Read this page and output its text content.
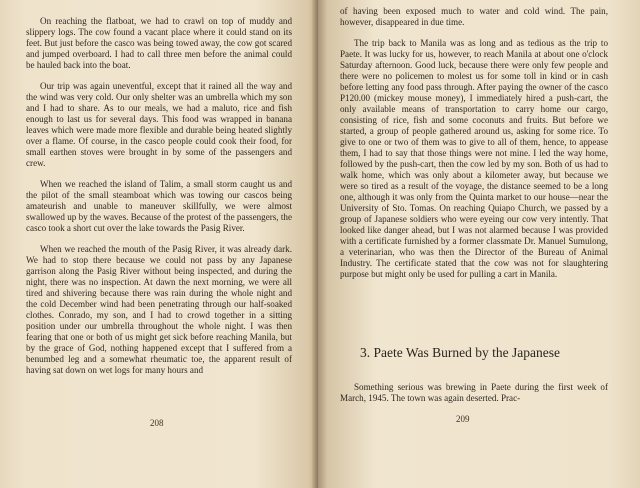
On reaching the flatboat, we had to crawl on top of muddy and slippery logs. The cow found a vacant place where it could stand on its feet. But just before the casco was being towed away, the cow got scared and jumped overboard. I had to call three men before the animal could be hauled back into the boat.

Our trip was again uneventful, except that it rained all the way and the wind was very cold. Our only shelter was an umbrella which my son and I had to share. As to our meals, we had a maluto, rice and fish enough to last us for several days. This food was wrapped in banana leaves which were made more flexible and durable being heated slightly over a flame. Of course, in the casco people could cook their food, for small earthen stoves were brought in by some of the passengers and crew.

When we reached the island of Talim, a small storm caught us and the pilot of the small steamboat which was towing our cascos being amateurish and unable to maneuver skillfully, we were almost swallowed up by the waves. Because of the protest of the passengers, the casco took a short cut over the lake towards the Pasig River.

When we reached the mouth of the Pasig River, it was already dark. We had to stop there because we could not pass by any Japanese garrison along the Pasig River without being inspected, and during the night, there was no inspection. At dawn the next morning, we were all tired and shivering because there was rain during the whole night and the cold December wind had been penetrating through our half-soaked clothes. Conrado, my son, and I had to crowd together in a sitting position under our umbrella throughout the whole night. I was then fearing that one or both of us might get sick before reaching Manila, but by the grace of God, nothing happened except that I suffered from a benumbed leg and a somewhat rheumatic toe, the apparent result of having sat down on wet logs for many hours and

208

of having been exposed much to water and cold wind. The pain, however, disappeared in due time.

The trip back to Manila was as long and as tedious as the trip to Paete. It was lucky for us, however, to reach Manila at about one o'clock Saturday afternoon. Good luck, because there were only few people and there were no policemen to molest us for some toll in kind or in cash before letting any food pass through. After paying the owner of the casco P120.00 (mickey mouse money), I immediately hired a push-cart, the only available means of transportation to carry home our cargo, consisting of rice, fish and some coconuts and fruits. But before we started, a group of people gathered around us, asking for some rice. To give to one or two of them was to give to all of them, hence, to appease them, I had to say that those things were not mine. I led the way home, followed by the push-cart, then the cow led by my son. Both of us had to walk home, which was only about a kilometer away, but because we were so tired as a result of the voyage, the distance seemed to be a long one, although it was only from the Quinta market to our house—near the University of Sto. Tomas. On reaching Quiapo Church, we passed by a group of Japanese soldiers who were eyeing our cow very intently. That looked like danger ahead, but I was not alarmed because I was provided with a certificate furnished by a former classmate Dr. Manuel Sumulong, a veterinarian, who was then the Director of the Bureau of Animal Industry. The certificate stated that the cow was not for slaughtering purpose but might only be used for pulling a cart in Manila.

3. Paete Was Burned by the Japanese

Something serious was brewing in Paete during the first week of March, 1945. The town was again deserted. Prac-

209
